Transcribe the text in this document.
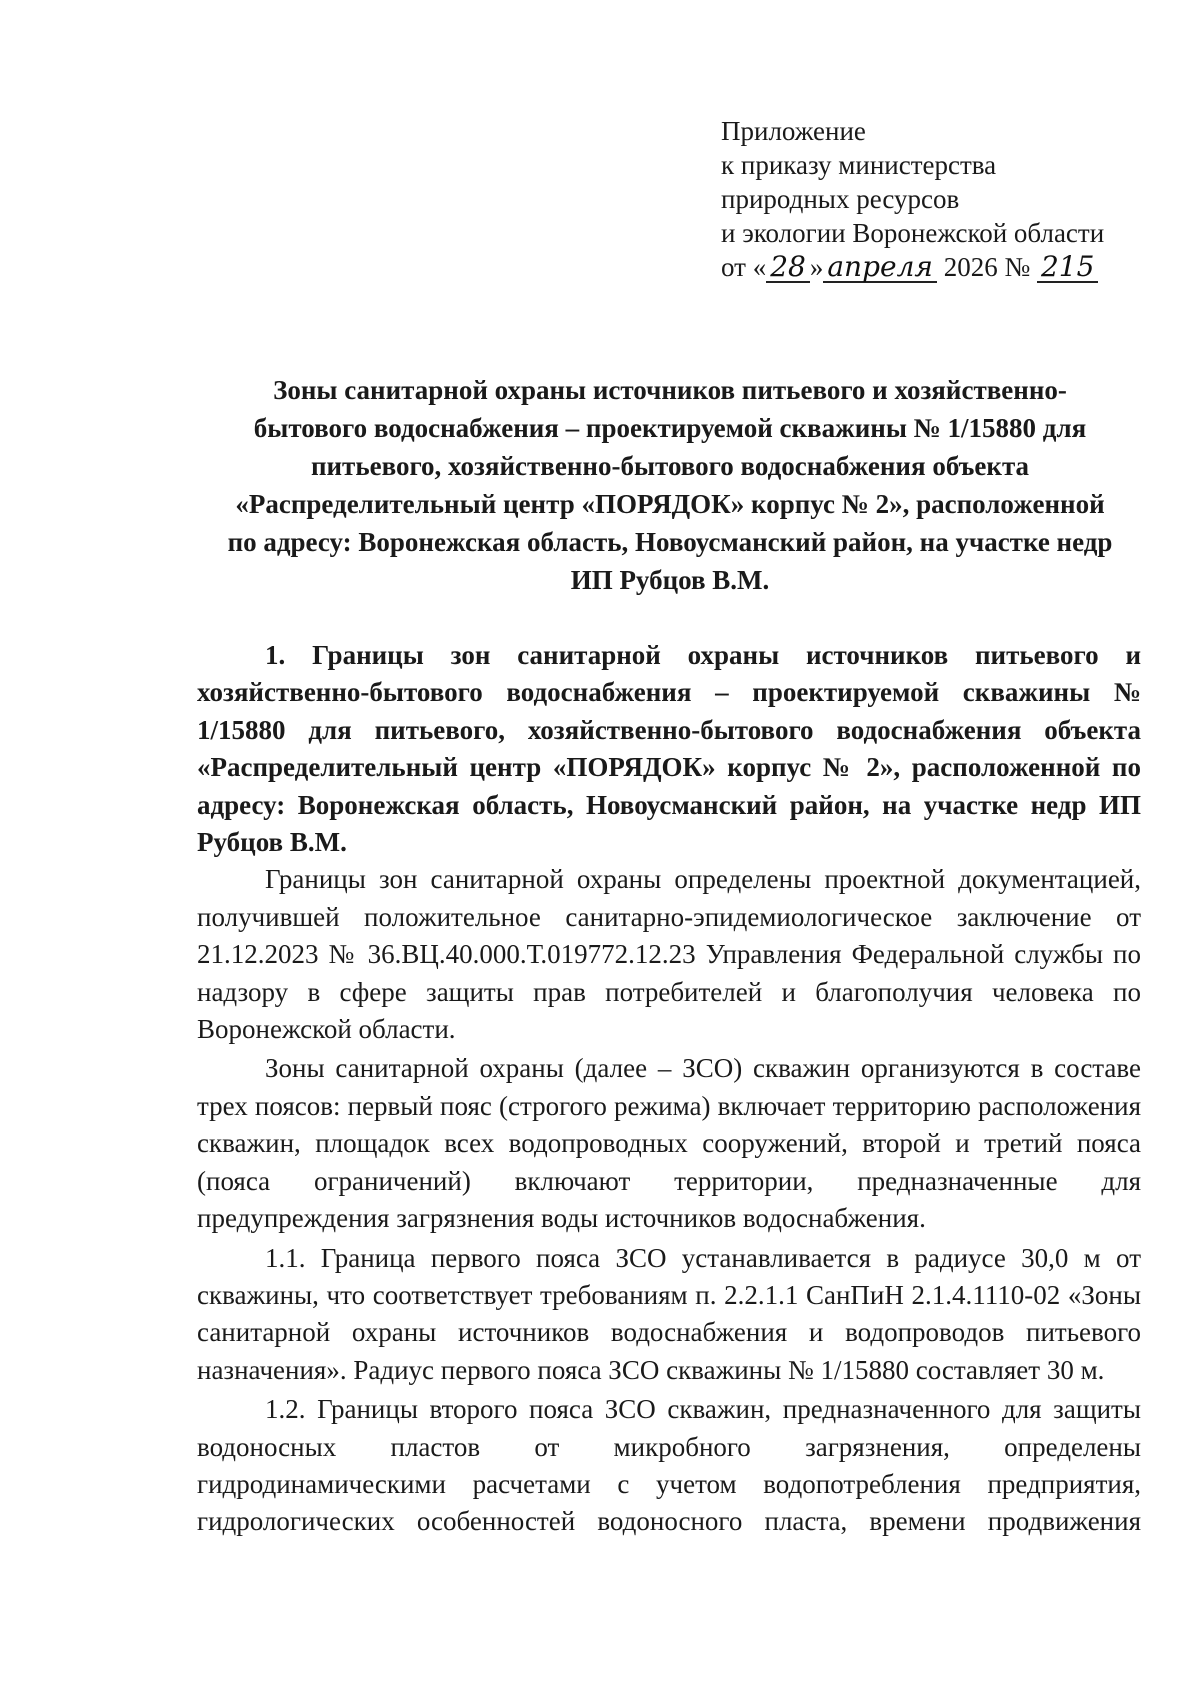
Приложение
к приказу министерства
природных ресурсов
и экологии Воронежской области
от « 28 » апреля 2026 № 215
Зоны санитарной охраны источников питьевого и хозяйственно-
бытового водоснабжения – проектируемой скважины № 1/15880 для
питьевого, хозяйственно-бытового водоснабжения объекта
«Распределительный центр «ПОРЯДОК» корпус № 2», расположенной
по адресу: Воронежская область, Новоусманский район, на участке недр
ИП Рубцов В.М.

1. Границы зон санитарной охраны источников питьевого и хозяйственно-бытового водоснабжения – проектируемой скважины № 1/15880 для питьевого, хозяйственно-бытового водоснабжения объекта «Распределительный центр «ПОРЯДОК» корпус № 2», расположенной по адресу: Воронежская область, Новоусманский район, на участке недр ИП Рубцов В.М.

Границы зон санитарной охраны определены проектной документацией, получившей положительное санитарно-эпидемиологическое заключение от 21.12.2023 № 36.ВЦ.40.000.Т.019772.12.23 Управления Федеральной службы по надзору в сфере защиты прав потребителей и благополучия человека по Воронежской области.

Зоны санитарной охраны (далее – ЗСО) скважин организуются в составе трех поясов: первый пояс (строгого режима) включает территорию расположения скважин, площадок всех водопроводных сооружений, второй и третий пояса (пояса ограничений) включают территории, предназначенные для предупреждения загрязнения воды источников водоснабжения.

1.1. Граница первого пояса ЗСО устанавливается в радиусе 30,0 м от скважины, что соответствует требованиям п. 2.2.1.1 СанПиН 2.1.4.1110-02 «Зоны санитарной охраны источников водоснабжения и водопроводов питьевого назначения». Радиус первого пояса ЗСО скважины № 1/15880 составляет 30 м.

1.2. Границы второго пояса ЗСО скважин, предназначенного для защиты водоносных пластов от микробного загрязнения, определены гидродинамическими расчетами с учетом водопотребления предприятия, гидрологических особенностей водоносного пласта, времени продвижения
